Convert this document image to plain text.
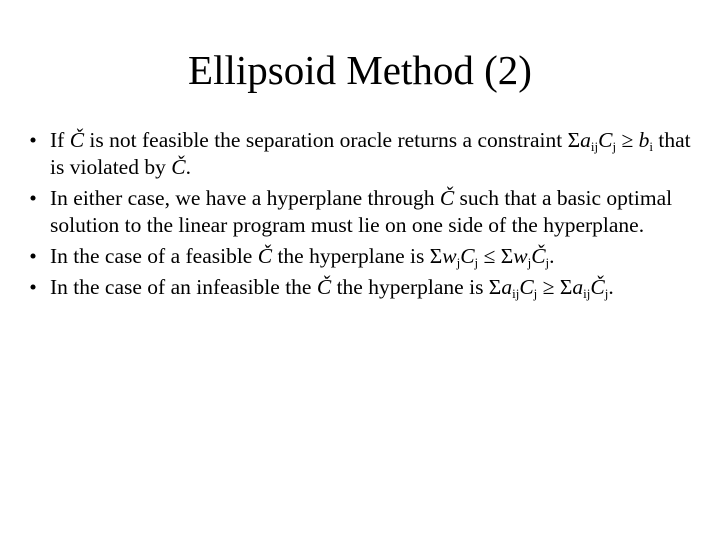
Ellipsoid Method (2)
• If Č is not feasible the separation oracle returns a constraint $\Sigma a_{ij}C_j \ge b_i$ that is violated by Č.
• In either case, we have a hyperplane through Č such that a basic optimal solution to the linear program must lie on one side of the hyperplane.
• In the case of a feasible Č the hyperplane is $\Sigma w_jC_j$ ≤ $\Sigma w_jČ_j$.
• In the case of an infeasible the Č the hyperplane is $\Sigma a_{ij}C_j$ ≥ $\Sigma a_{ij}Č_j$.
